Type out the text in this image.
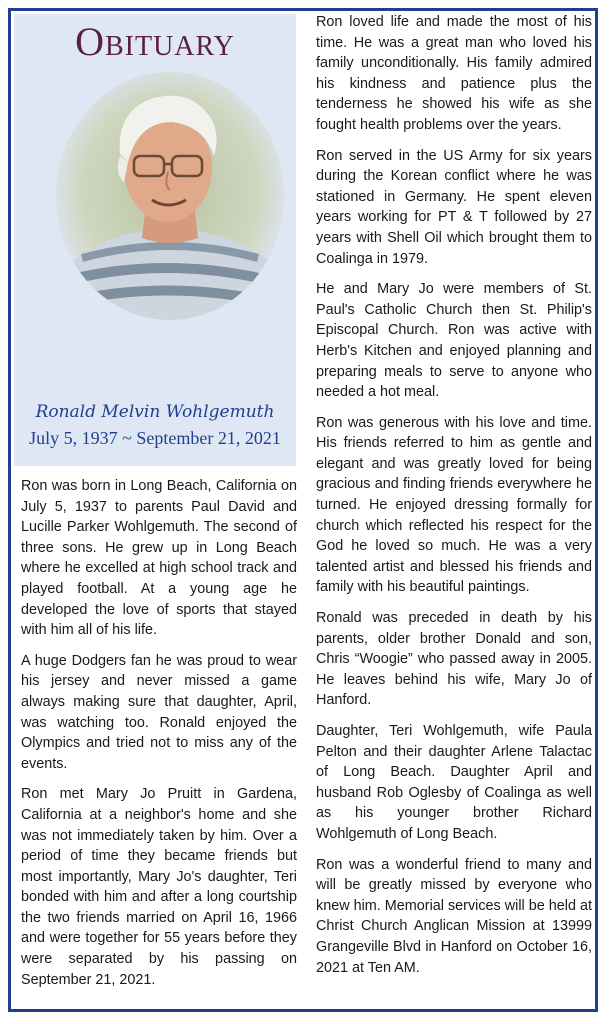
Obituary
Ronald Melvin Wohlgemuth
July 5, 1937 ~ September 21, 2021

Ron was born in Long Beach, California on July 5, 1937 to parents Paul David and Lucille Parker Wohlgemuth. The second of three sons. He grew up in Long Beach where he excelled at high school track and played football. At a young age he developed the love of sports that stayed with him all of his life.

A huge Dodgers fan he was proud to wear his jersey and never missed a game always making sure that daughter, April, was watching too. Ronald enjoyed the Olympics and tried not to miss any of the events.

Ron met Mary Jo Pruitt in Gardena, California at a neighbor's home and she was not immediately taken by him. Over a period of time they became friends but most importantly, Mary Jo's daughter, Teri bonded with him and after a long courtship the two friends married on April 16, 1966 and were together for 55 years before they were separated by his passing on September 21, 2021.

Ron loved life and made the most of his time. He was a great man who loved his family unconditionally. His family admired his kindness and patience plus the tenderness he showed his wife as she fought health problems over the years.

Ron served in the US Army for six years during the Korean conflict where he was stationed in Germany. He spent eleven years working for PT & T followed by 27 years with Shell Oil which brought them to Coalinga in 1979.

He and Mary Jo were members of St. Paul's Catholic Church then St. Philip's Episcopal Church. Ron was active with Herb's Kitchen and enjoyed planning and preparing meals to serve to anyone who needed a hot meal.

Ron was generous with his love and time. His friends referred to him as gentle and elegant and was greatly loved for being gracious and finding friends everywhere he turned. He enjoyed dressing formally for church which reflected his respect for the God he loved so much. He was a very talented artist and blessed his friends and family with his beautiful paintings.

Ronald was preceded in death by his parents, older brother Donald and son, Chris “Woogie” who passed away in 2005. He leaves behind his wife, Mary Jo of Hanford.

Daughter, Teri Wohlgemuth, wife Paula Pelton and their daughter Arlene Talactac of Long Beach. Daughter April and husband Rob Oglesby of Coalinga as well as his younger brother Richard Wohlgemuth of Long Beach.

Ron was a wonderful friend to many and will be greatly missed by everyone who knew him. Memorial services will be held at Christ Church Anglican Mission at 13999 Grangeville Blvd in Hanford on October 16, 2021 at Ten AM.
